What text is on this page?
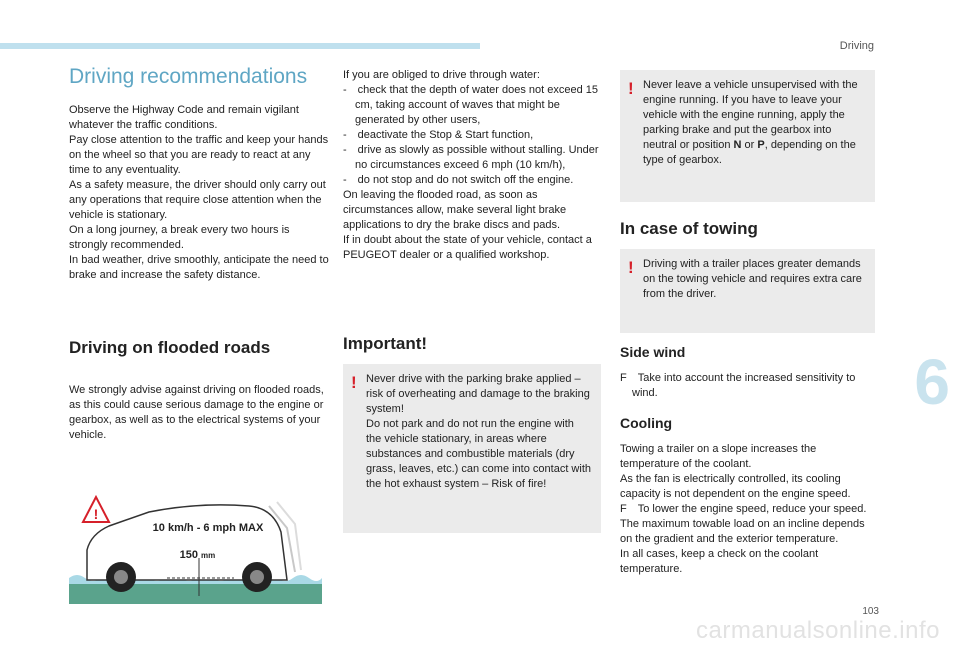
Driving
6
103
carmanualsonline.info
Driving recommendations

Observe the Highway Code and remain vigilant whatever the traffic conditions.
Pay close attention to the traffic and keep your hands on the wheel so that you are ready to react at any time to any eventuality.
As a safety measure, the driver should only carry out any operations that require close attention when the vehicle is stationary.
On a long journey, a break every two hours is strongly recommended.
In bad weather, drive smoothly, anticipate the need to brake and increase the safety distance.

Driving on flooded roads

We strongly advise against driving on flooded roads, as this could cause serious damage to the engine or gearbox, as well as to the electrical systems of your vehicle.

!
10 km/h - 6 mph MAX
150 mm

If you are obliged to drive through water:

-  check that the depth of water does not exceed 15 cm, taking account of waves that might be generated by other users,
-  deactivate the Stop & Start function,
-  drive as slowly as possible without stalling. Under no circumstances exceed 6 mph (10 km/h),
-  do not stop and do not switch off the engine.

On leaving the flooded road, as soon as circumstances allow, make several light brake applications to dry the brake discs and pads.
If in doubt about the state of your vehicle, contact a PEUGEOT dealer or a qualified workshop.

Important!
! Never drive with the parking brake applied – risk of overheating and damage to the braking system!
Do not park and do not run the engine with the vehicle stationary, in areas where substances and combustible materials (dry grass, leaves, etc.) can come into contact with the hot exhaust system – Risk of fire!
! Never leave a vehicle unsupervised with the engine running. If you have to leave your vehicle with the engine running, apply the parking brake and put the gearbox into neutral or position N or P, depending on the type of gearbox.

In case of towing
! Driving with a trailer places greater demands on the towing vehicle and requires extra care from the driver.

Side wind

F  Take into account the increased sensitivity to wind.

Cooling

Towing a trailer on a slope increases the temperature of the coolant.
As the fan is electrically controlled, its cooling capacity is not dependent on the engine speed.
F  To lower the engine speed, reduce your speed.
The maximum towable load on an incline depends on the gradient and the exterior temperature.
In all cases, keep a check on the coolant temperature.
